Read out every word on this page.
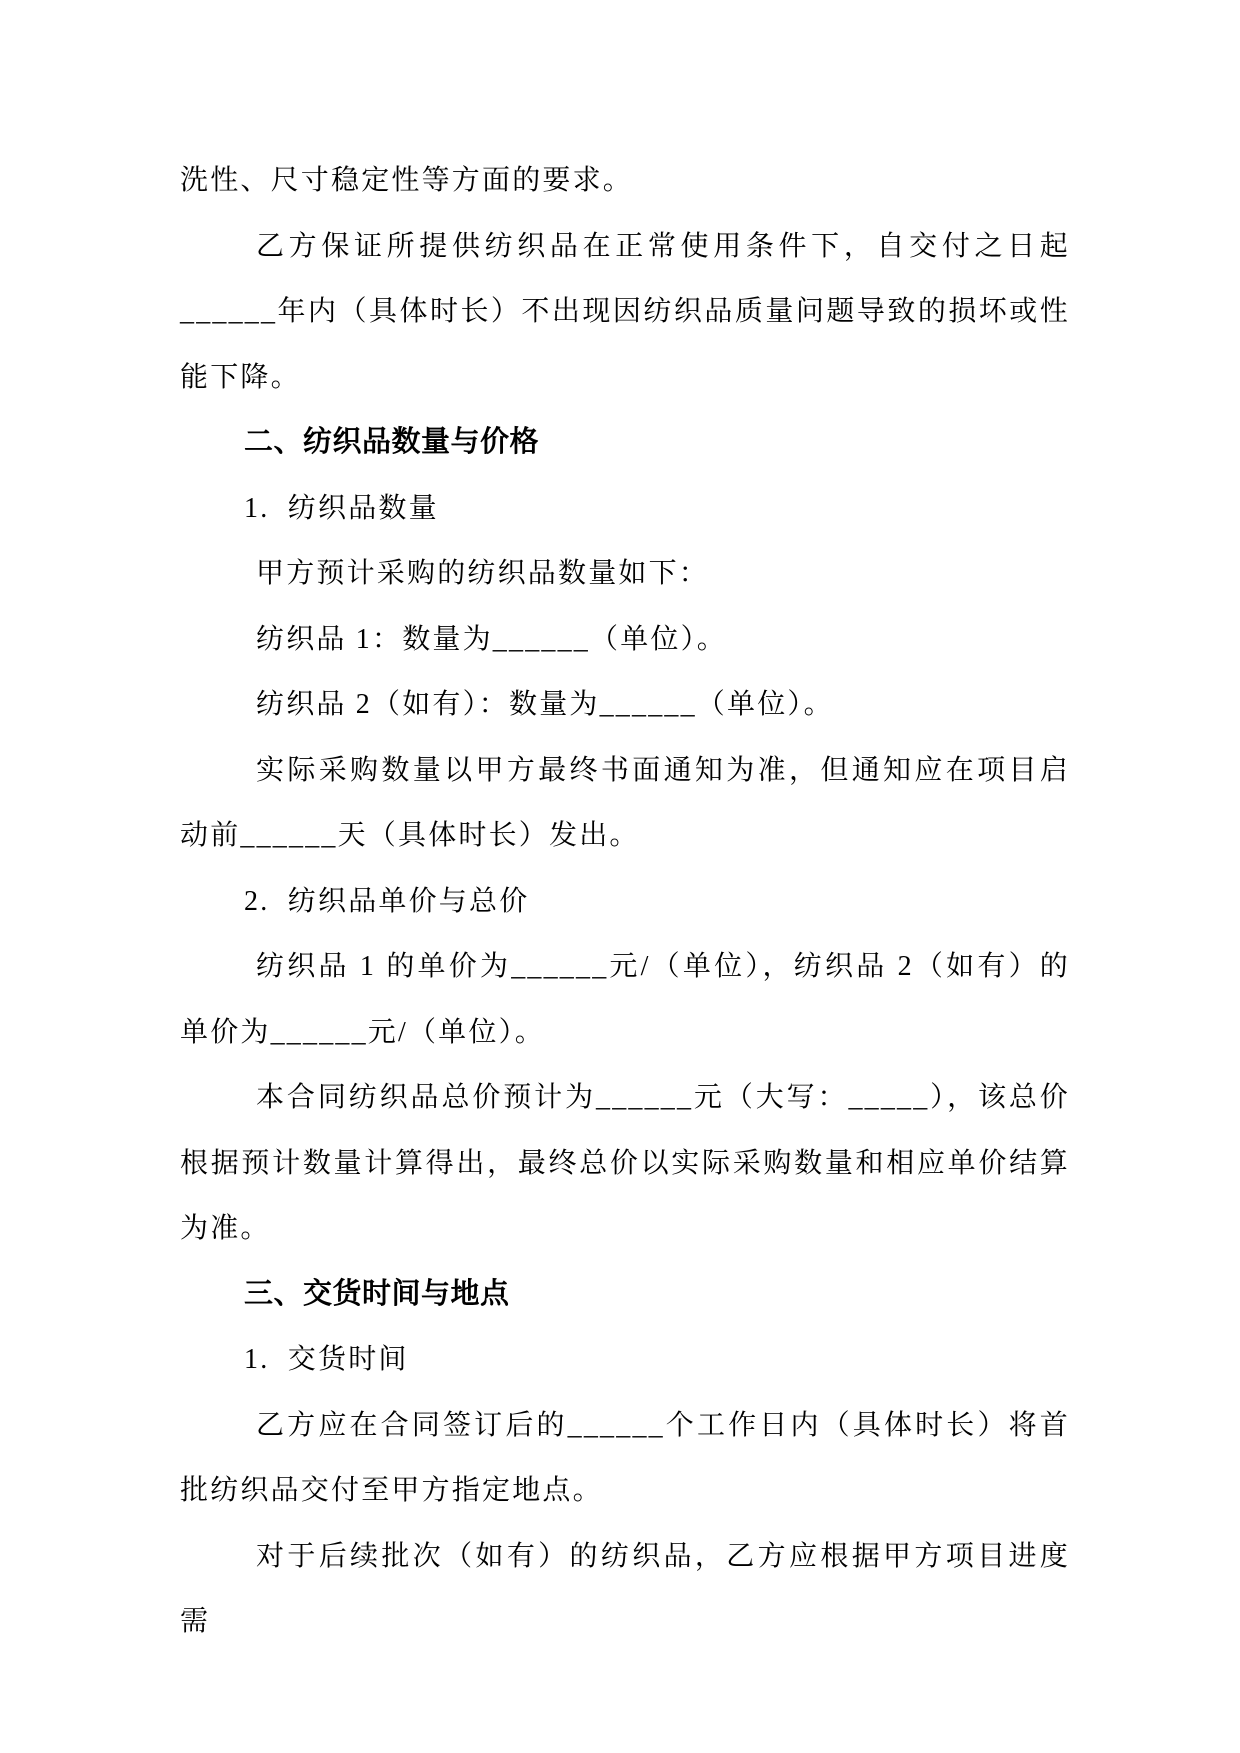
洗性、尺寸稳定性等方面的要求。

乙方保证所提供纺织品在正常使用条件下，自交付之日起______年内（具体时长）不出现因纺织品质量问题导致的损坏或性能下降。

二、纺织品数量与价格

1.  纺织品数量

甲方预计采购的纺织品数量如下：

纺织品 1：数量为______（单位）。

纺织品 2（如有）：数量为______（单位）。

实际采购数量以甲方最终书面通知为准，但通知应在项目启动前______天（具体时长）发出。

2.  纺织品单价与总价

纺织品 1 的单价为______元/（单位），纺织品 2（如有）的单价为______元/（单位）。

本合同纺织品总价预计为______元（大写：_____），该总价根据预计数量计算得出，最终总价以实际采购数量和相应单价结算为准。

三、交货时间与地点

1.  交货时间

乙方应在合同签订后的______个工作日内（具体时长）将首批纺织品交付至甲方指定地点。

对于后续批次（如有）的纺织品，乙方应根据甲方项目进度需
